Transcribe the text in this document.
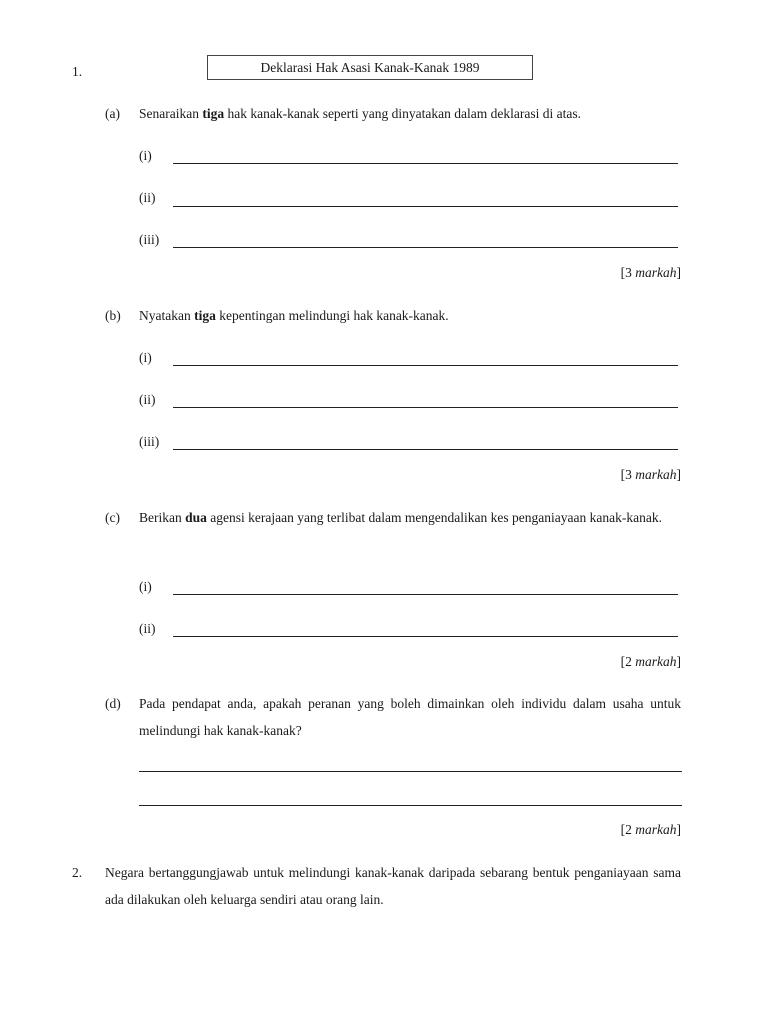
1.	Deklarasi Hak Asasi Kanak-Kanak 1989
(a) Senaraikan tiga hak kanak-kanak seperti yang dinyatakan dalam deklarasi di atas.
(i)
(ii)
(iii)
[3 markah]
(b) Nyatakan tiga kepentingan melindungi hak kanak-kanak.
(i)
(ii)
(iii)
[3 markah]
(c) Berikan dua agensi kerajaan yang terlibat dalam mengendalikan kes penganiayaan kanak-kanak.
(i)
(ii)
[2 markah]
(d) Pada pendapat anda, apakah peranan yang boleh dimainkan oleh individu dalam usaha untuk melindungi hak kanak-kanak?
[2 markah]
2. Negara bertanggungjawab untuk melindungi kanak-kanak daripada sebarang bentuk penganiayaan sama ada dilakukan oleh keluarga sendiri atau orang lain.
